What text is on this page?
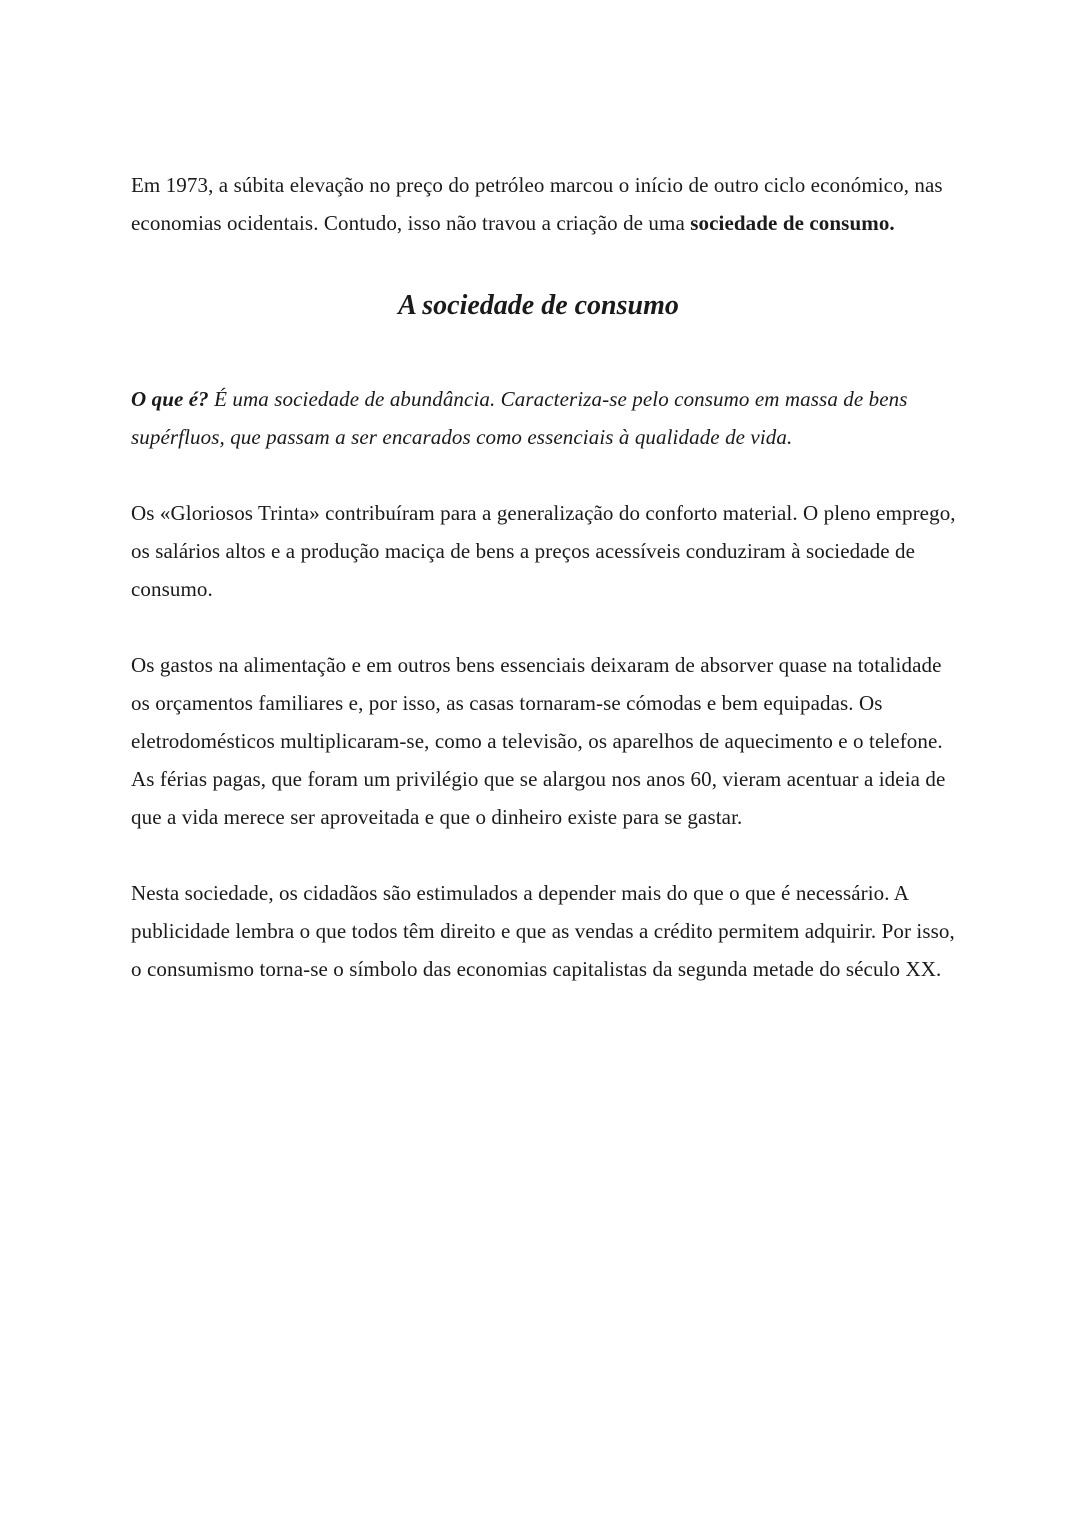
Em 1973, a súbita elevação no preço do petróleo marcou o início de outro ciclo económico, nas economias ocidentais. Contudo, isso não travou a criação de uma sociedade de consumo.

A sociedade de consumo

O que é? É uma sociedade de abundância. Caracteriza-se pelo consumo em massa de bens supérfluos, que passam a ser encarados como essenciais à qualidade de vida.

Os «Gloriosos Trinta» contribuíram para a generalização do conforto material. O pleno emprego, os salários altos e a produção maciça de bens a preços acessíveis conduziram à sociedade de consumo.

Os gastos na alimentação e em outros bens essenciais deixaram de absorver quase na totalidade os orçamentos familiares e, por isso, as casas tornaram-se cómodas e bem equipadas. Os eletrodomésticos multiplicaram-se, como a televisão, os aparelhos de aquecimento e o telefone. As férias pagas, que foram um privilégio que se alargou nos anos 60, vieram acentuar a ideia de que a vida merece ser aproveitada e que o dinheiro existe para se gastar.

Nesta sociedade, os cidadãos são estimulados a depender mais do que o que é necessário. A publicidade lembra o que todos têm direito e que as vendas a crédito permitem adquirir. Por isso, o consumismo torna-se o símbolo das economias capitalistas da segunda metade do século XX.
